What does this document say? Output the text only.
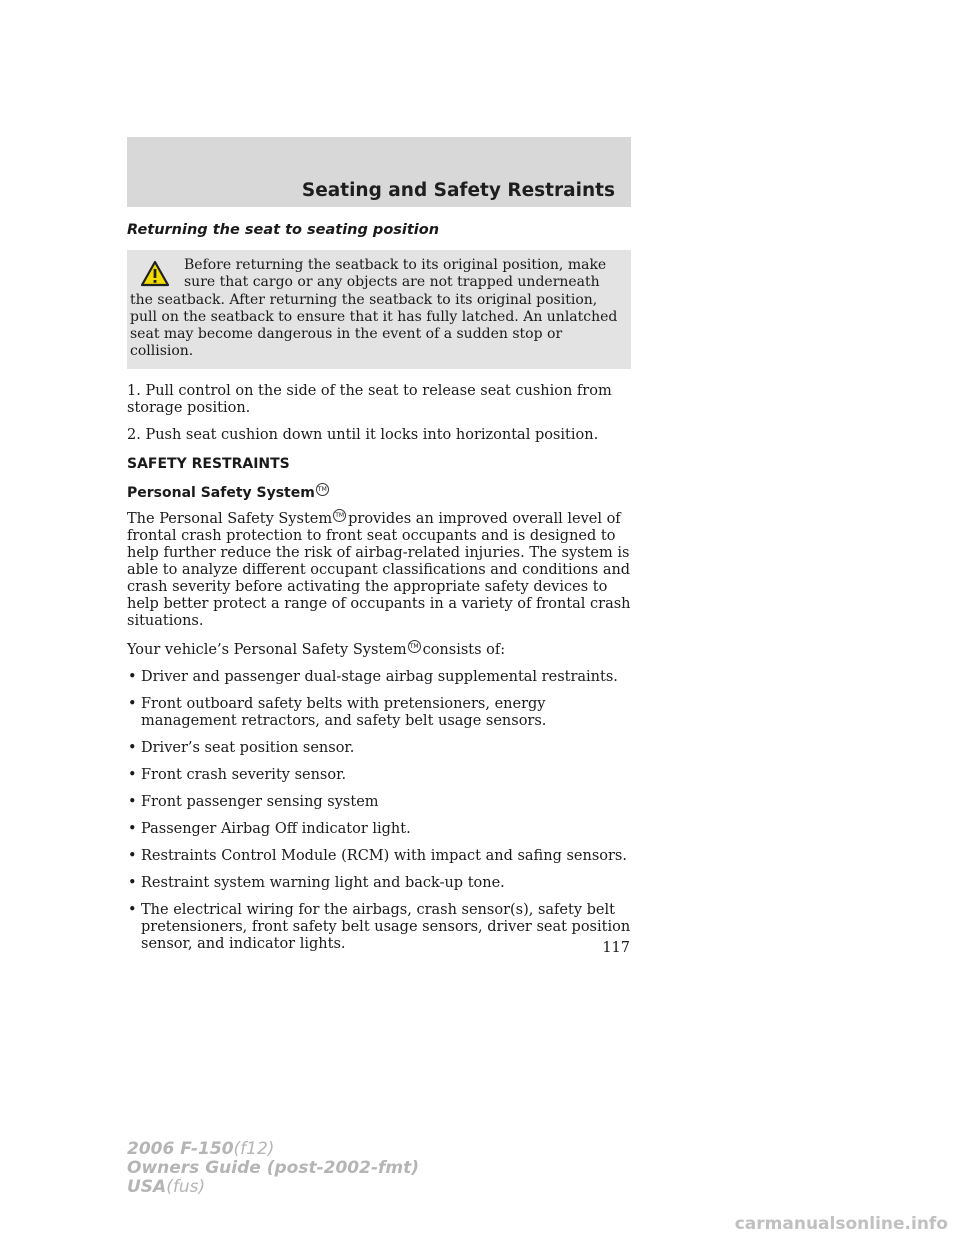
Seating and Safety Restraints
Returning the seat to seating position

Before returning the seatback to its original position, make sure that cargo or any objects are not trapped underneath the seatback. After returning the seatback to its original position, pull on the seatback to ensure that it has fully latched. An unlatched seat may become dangerous in the event of a sudden stop or collision.

1. Pull control on the side of the seat to release seat cushion from storage position.

2. Push seat cushion down until it locks into horizontal position.

SAFETY RESTRAINTS
Personal Safety System TM

The Personal Safety System TM provides an improved overall level of frontal crash protection to front seat occupants and is designed to help further reduce the risk of airbag-related injuries. The system is able to analyze different occupant classifications and conditions and crash severity before activating the appropriate safety devices to help better protect a range of occupants in a variety of frontal crash situations.

Your vehicle’s Personal Safety System TM consists of:

• Driver and passenger dual-stage airbag supplemental restraints.
• Front outboard safety belts with pretensioners, energy management retractors, and safety belt usage sensors.
• Driver’s seat position sensor.
• Front crash severity sensor.
• Front passenger sensing system
• Passenger Airbag Off indicator light.
• Restraints Control Module (RCM) with impact and safing sensors.
• Restraint system warning light and back-up tone.
• The electrical wiring for the airbags, crash sensor(s), safety belt pretensioners, front safety belt usage sensors, driver seat position sensor, and indicator lights.	117
2006 F-150(f12)
Owners Guide (post-2002-fmt)
USA(fus)
carmanualsonline.info
